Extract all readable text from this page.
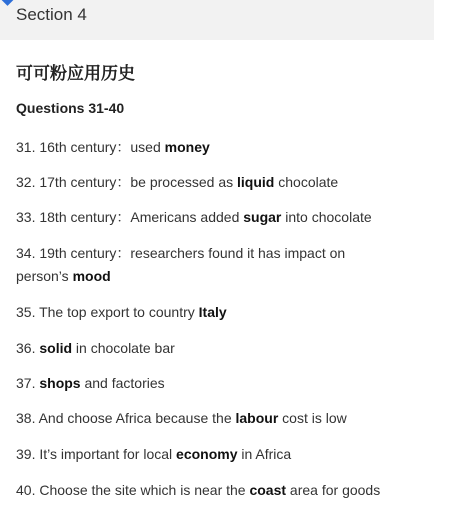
Section 4
可可粉应用历史
Questions 31-40
31. 16th century：used money
32. 17th century：be processed as liquid chocolate
33. 18th century：Americans added sugar into chocolate
34. 19th century：researchers found it has impact on
person’s mood
35. The top export to country Italy
36. solid in chocolate bar
37. shops and factories
38. And choose Africa because the labour cost is low
39. It’s important for local economy in Africa
40. Choose the site which is near the coast area for goods
